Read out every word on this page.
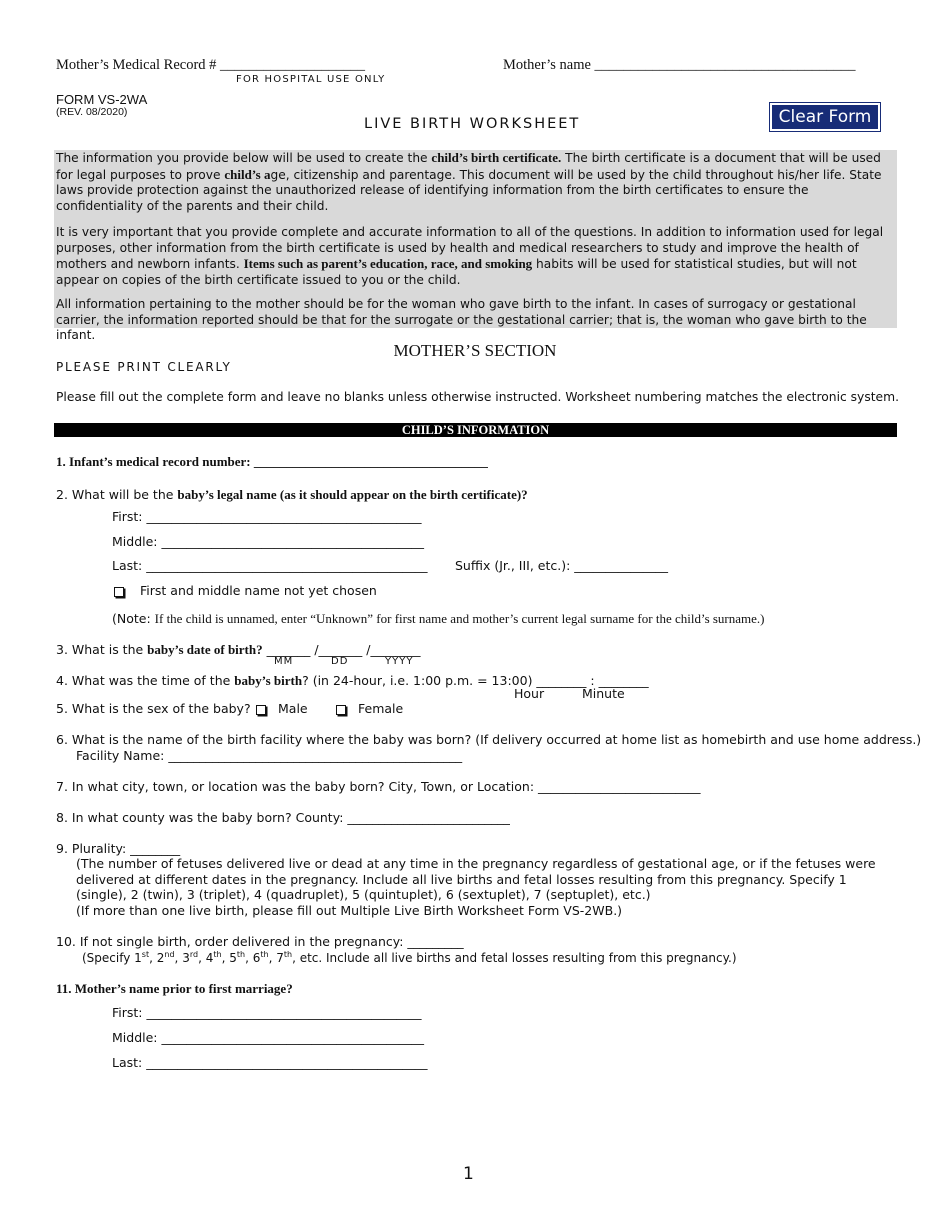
Mother’s Medical Record # ____________________
FOR HOSPITAL USE ONLY
Mother’s name ____________________________________
FORM VS-2WA
(REV. 08/2020)
LIVE BIRTH WORKSHEET	Clear Form
The information you provide below will be used to create the child’s birth certificate. The birth certificate is a document that will be used for legal purposes to prove child’s age, citizenship and parentage. This document will be used by the child throughout his/her life. State laws provide protection against the unauthorized release of identifying information from the birth certificates to ensure the confidentiality of the parents and their child.
It is very important that you provide complete and accurate information to all of the questions. In addition to information used for legal purposes, other information from the birth certificate is used by health and medical researchers to study and improve the health of mothers and newborn infants. Items such as parent’s education, race, and smoking habits will be used for statistical studies, but will not appear on copies of the birth certificate issued to you or the child.
All information pertaining to the mother should be for the woman who gave birth to the infant. In cases of surrogacy or gestational carrier, the information reported should be that for the surrogate or the gestational carrier; that is, the woman who gave birth to the infant.
MOTHER’S SECTION
PLEASE PRINT CLEARLY
Please fill out the complete form and leave no blanks unless otherwise instructed. Worksheet numbering matches the electronic system.
CHILD’S INFORMATION
1. Infant’s medical record number: ____________________________________
2. What will be the baby’s legal name (as it should appear on the birth certificate)?
First: ____________________________________________
Middle: __________________________________________
Last: _____________________________________________ Suffix (Jr., III, etc.): _______________
First and middle name not yet chosen
(Note: If the child is unnamed, enter “Unknown” for first name and mother’s current legal surname for the child’s surname.)
3. What is the baby’s date of birth? _______ /_______ /________
MM	DD	YYYY
4. What was the time of the baby’s birth? (in 24-hour, i.e. 1:00 p.m. = 13:00) ________ : ________
Hour	Minute
5. What is the sex of the baby?	Male	Female
6. What is the name of the birth facility where the baby was born? (If delivery occurred at home list as homebirth and use home address.)
Facility Name: _______________________________________________
7. In what city, town, or location was the baby born? City, Town, or Location: __________________________
8. In what county was the baby born? County: __________________________
9. Plurality: ________
(The number of fetuses delivered live or dead at any time in the pregnancy regardless of gestational age, or if the fetuses were delivered at different dates in the pregnancy. Include all live births and fetal losses resulting from this pregnancy. Specify 1 (single), 2 (twin), 3 (triplet), 4 (quadruplet), 5 (quintuplet), 6 (sextuplet), 7 (septuplet), etc.)
(If more than one live birth, please fill out Multiple Live Birth Worksheet Form VS-2WB.)
10. If not single birth, order delivered in the pregnancy: _________
(Specify 1st, 2nd, 3rd, 4th, 5th, 6th, 7th, etc. Include all live births and fetal losses resulting from this pregnancy.)
11. Mother’s name prior to first marriage?
First: ____________________________________________
Middle: __________________________________________
Last: _____________________________________________
1
